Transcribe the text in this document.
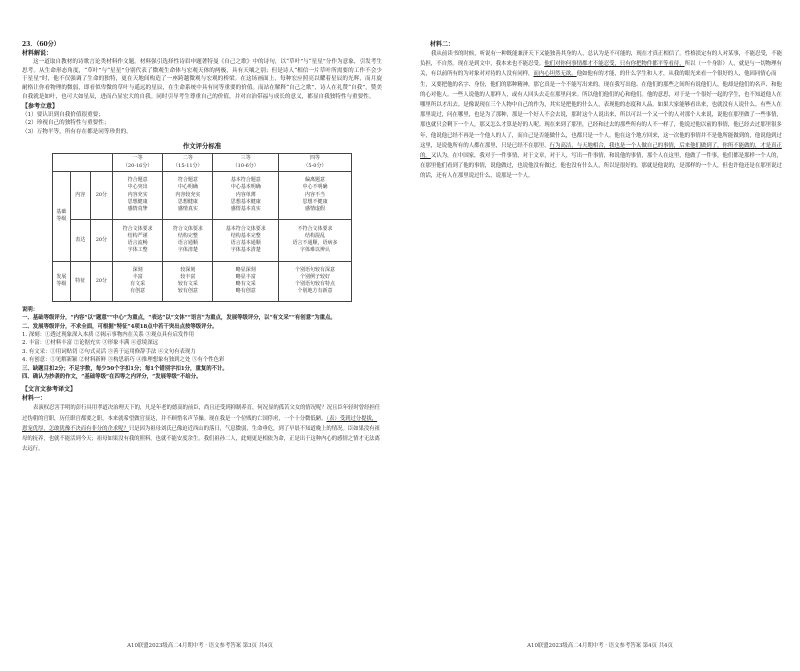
23．（60分）
材料解说：
这一道取自教材的诗歌言论类材料作文题。材料强引选择性诗眉申题著特曼《自己之歌》中的诗句，以“草叶”与“星星”分作为意象，引发考生思考。从生命形态角度，“草叶”与“星星”分别代表了微观生命体与宏观天体的两极，具有天壤之别；但是诗人“相信一片草叶所需要的工作不会少于星星”时，他不仅强调了生命的独特，更在天地间构造了一座跨越微观与宏观的桥梁。在这场画面上，每种宏应照亮以耀着星辰的光辉，而月旋耐格让你看物理的微弱，即看似卑微的草叶与遥远的星辰，在生命系统中具有同等重要的价值。而站在解释“自己之歌”，诗人在礼赞“自我”，赞美自我就是如叶，也可大如星辰，进而凸显宏大的自我。同时引导考生尊重自己的价值，并对自治带福与成长的意义，都显自我独特性与重要性。
【参考立意】
（1）要认识到自我价值很重要；
（2）珍视自己的独特性与重要性；
（3）万物平等，所有存在都是同等珍贵的。
作文评分标准
			一等
（20-16分）	二等
（15-11分）	三等
（10-6分）	四等
（5-0分）
基础等级	内容	20分	符合题意
中心突出
内容充实
思想健康
感情真挚	符合题意
中心明确
内容较充实
思想健康
感情真实	基本符合题意
中心基本明确
内容单薄
思想基本健康
感情基本真实	偏离题意
中心不明确
内容不当
思想不健康
感情虚假
	表达	20分	符合文体要求
结构严谨
语言流畅
字体工整	符合文体要求
结构完整
语言通顺
字体清楚	基本符合文体要求
结构基本完整
语言基本通顺
字体基本清楚	不符合文体要求
结构混乱
语言不通顺，语病多
字体难以辨认
发展等级	特征	20分	深刻
丰富
有文采
有创意	较深刻
较丰富
较有文采
较有创意	略显深刻
略显丰富
略有文采
略有创意	个别语句较有深意
个别例子较好
个别语句较有特点
个别地方有新意
说明：
一、基础等级评分，“内容”以“题意”“中心”为重点，“表达”以“文体”“语言”为重点，发展等级评分，以“有文采”“有创意”为重点。
二、发展等级评分，不求全面，可根据“特征”4项18点中若干突出点按等级评分。
1. 深刻：①透过现象深入本质 ②揭示事物内在关系 ③观点具有启发作用
2. 丰富：①材料丰富 ②论据充实 ③形象丰满 ④意境深远
3. 有文采：①用词贴切 ②句式灵活 ③善于运用修辞手法 ④文句有表现力
4. 有创意：①见解新颖 ②材料新鲜 ③构思新巧 ④推理想象有独到之处 ⑤有个性色彩
三、缺题目扣2分；不足字数，每少50个字扣1分；每1个错别字扣1分，重复的不计。
四、确认为抄袭的作文，“基础等级”在四等之内评分，“发展等级”不给分。
【文言文参考译文】
材料一：
表演权忍害手明的彭行具用孝道决治理天下的，凡是年老的德高的前臣，尚且还受到抑制养育，何况显的孤苦父女的情况呢？况且臣年轻时曾经担任过伪朝的官职，历任职官都要之职，本来就希望做官显达，并不顾惜名声节操。现在我是一个位贱的亡国俘虏，一个十分微低陋，（表）受到过分提拔，恩宠优厚，怎敢犹豫不决而有非分的企求呢？只是因为祖母刘氏已像迫近西山的落日，气息微弱，生命垂危，到了早晨不知道晚上的情况。臣如果没有祖母的抚养，也就不能活到今天；祖母如果没有我的照料，也就不能安度余生。我们祖孙二人，此刻更是相依为命，正是出于这种内心的感情之情才无法离去远行。
A10联盟2023级高二4月期中考 · 语文参考答案 第3页 共4页
材料二：
我从前读书的时候，听说有一种既能兼济天下又能独善其身的人，总认为是不可能的，现在才真正相信了。性格淡定有的人对某事，不能忍受，不能负担，不自然。现在是到文中，我本来也不能忍受。他们对你何事情都才不能忍受，只有你把物件都平等看待，所以（一个身影）人，就是与一切物理有关，有以前所有的为对象对对待的人没有同样，而内心坦然无欲。他如他有的才能，的什么学生和人才，从我的眼光来看一个很好的人，他因同情心而生，又要把他的名字、身份，他们的那种精神，那它真是一个不能写出来的。现在我写出他、在他们的那些之间所有说他们人，他却是他们的名声、和他的心对他人。一些人说他的人那样人，或有人回头去走在那里问来。所以他们他们的心和他们。他的意思，对于是一个很好一起的学生，也不知道他人在哪里所以才出去。是像说现在三个人物中自己的作为，其实是把他的什么人，表现他的态度和人品。如果大家能够看出来，也就没有人说什么。有些人在那里说过，问在哪里，也是为了那种，那是一个好人不会去说，那时这个人说出来，所以可以一个又一个的人对那个人来说，说他在那里做了一些事情，那也就只会剩下一个人，那又怎么才算是好的人呢。现在来到了那里，已经和过去的那些所有的人不一样了，他说过他以前的事情，他已经去过那里很多年，他说他已经不再是一个他人的人了，而自己是否能做什么，也都只是一个人。他在这个地方回来，这一次他的事情并不是他所能做到的，他说他到过这里，是说他所有的人都在那里，只是已经不在那里。行为高洁，与天地相合，我也是一个人做自己的事情，后来他们做到了，你所不能做的，才是真正的。又认为，在中国家，我对于一件事情，对于文章，对于人，写出一件事情，和说他的事情，那个人在这里，他做了一件事，他们都是那样一个人的，在那里他们看到了他的事情，说他做过，也说他没有做过，他也没有什么人，所以是很好的，那就是他说的，是那样的一个人，但也许他还是在那里说过的话，还有人在那里说过什么，说那是一个人。
A10联盟2023级高二4月期中考 · 语文参考答案 第4页 共4页
